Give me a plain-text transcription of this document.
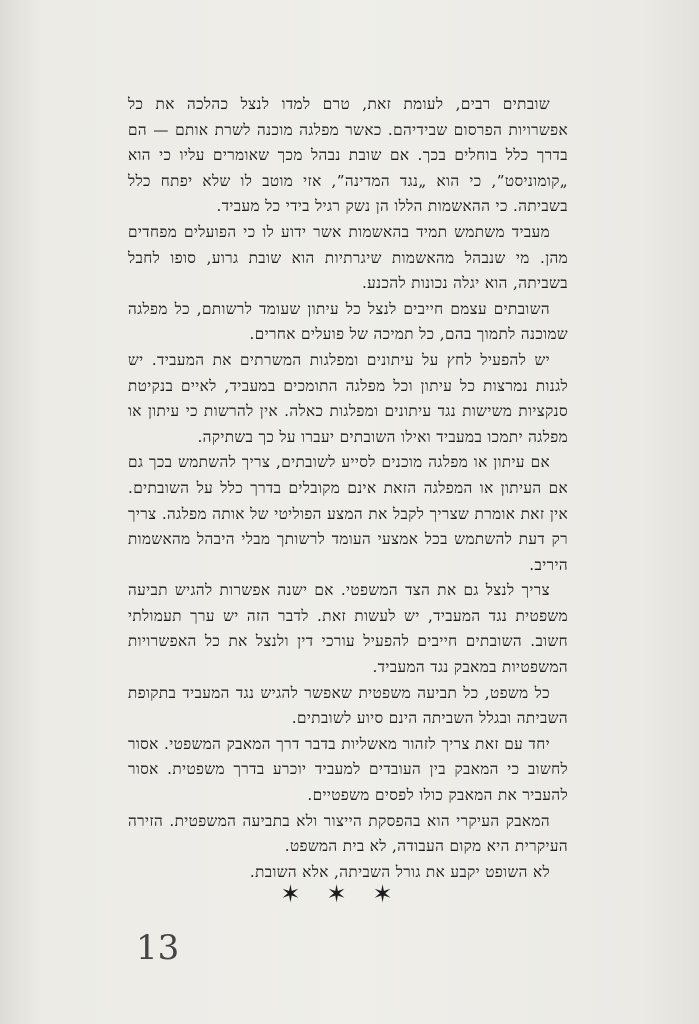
שובתים רבים, לעומת זאת, טרם למדו לנצל כהלכה את כל אפשרויות הפרסום שבידיהם. כאשר מפלגה מוכנה לשרת אותם — הם בדרך כלל בוחלים בכך. אם שובת נבהל מכך שאומרים עליו כי הוא „קומוניסט”, כי הוא „נגד המדינה”, אזי מוטב לו שלא יפתח כלל בשביתה. כי ההאשמות הללו הן נשק רגיל בידי כל מעביד.

מעביד משתמש תמיד בהאשמות אשר ידוע לו כי הפועלים מפחדים מהן. מי שנבהל מהאשמות שיגרתיות הוא שובת גרוע, סופו לחבל בשביתה, הוא יגלה נכונות להכנע.

השובתים עצמם חייבים לנצל כל עיתון שעומד לרשותם, כל מפלגה שמוכנה לתמוך בהם, כל תמיכה של פועלים אחרים.

יש להפעיל לחץ על עיתונים ומפלגות המשרתים את המעביד. יש לגנות נמרצות כל עיתון וכל מפלגה התומכים במעביד, לאיים בנקיטת סנקציות משישות נגד עיתונים ומפלגות כאלה. אין להרשות כי עיתון או מפלגה יתמכו במעביד ואילו השובתים יעברו על כך בשתיקה.

אם עיתון או מפלגה מוכנים לסייע לשובתים, צריך להשתמש בכך גם אם העיתון או המפלגה הזאת אינם מקובלים בדרך כלל על השובתים. אין זאת אומרת שצריך לקבל את המצע הפוליטי של אותה מפלגה. צריך רק דעת להשתמש בכל אמצעי העומד לרשותך מבלי היבהל מהאשמות היריב.

צריך לנצל גם את הצד המשפטי. אם ישנה אפשרות להגיש תביעה משפטית נגד המעביד, יש לעשות זאת. לדבר הזה יש ערך תעמולתי חשוב. השובתים חייבים להפעיל עורכי דין ולנצל את כל האפשרויות המשפטיות במאבק נגד המעביד.

כל משפט, כל תביעה משפטית שאפשר להגיש נגד המעביד בתקופת השביתה ובגלל השביתה הינם סיוע לשובתים.

יחד עם זאת צריך לזהור מאשליות בדבר דרך המאבק המשפטי. אסור לחשוב כי המאבק בין העובדים למעביד יוכרע בדרך משפטית. אסור להעביר את המאבק כולו לפסים משפטיים.

המאבק העיקרי הוא בהפסקת הייצור ולא בתביעה המשפטית. הזירה העיקרית היא מקום העבודה, לא בית המשפט.

לא השופט יקבע את גורל השביתה, אלא השובת.

✶✶✶
13
